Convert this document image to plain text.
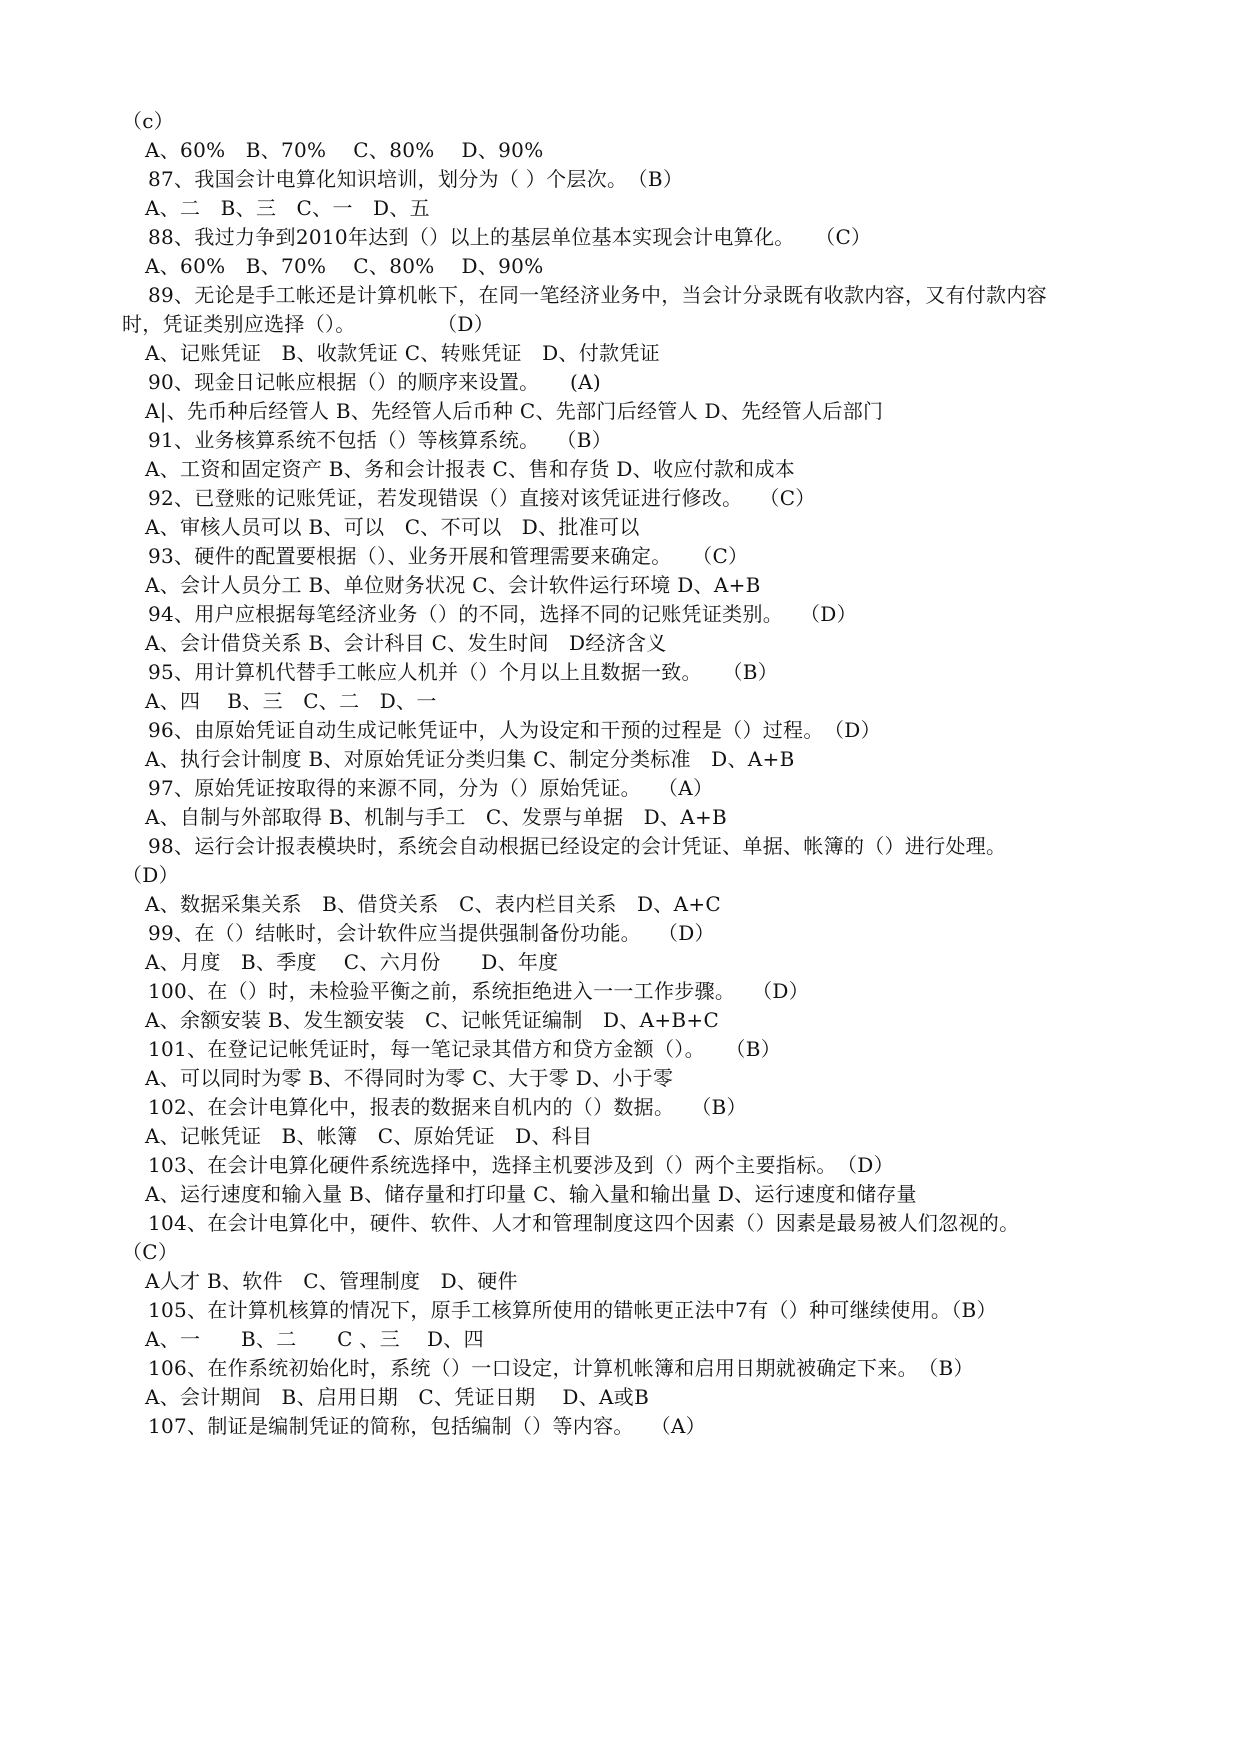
（c）
A、60%　B、70%　 C、80%　 D、90%
87、我国会计电算化知识培训，划分为（ ）个层次。　（B）
A、二　B、三　C、一　D、五
88、我过力争到2010年达到（）以上的基层单位基本实现会计电算化。　　（C）
A、60%　B、70%　 C、80%　 D、90%
89、无论是手工帐还是计算机帐下，在同一笔经济业务中，当会计分录既有收款内容，又有付款内容
时，凭证类别应选择（）。　　　　　（D）
A、记账凭证　B、收款凭证 C、转账凭证　D、付款凭证
90、现金日记帐应根据（）的顺序来设置。　　(A)
A|、先币种后经管人 B、先经管人后币种 C、先部门后经管人 D、先经管人后部门
91、业务核算系统不包括（）等核算系统。　 （B）
A、工资和固定资产 B、务和会计报表 C、售和存货 D、收应付款和成本
92、已登账的记账凭证，若发现错误（）直接对该凭证进行修改。　 （C）
A、审核人员可以 B、可以　C、不可以　D、批准可以
93、硬件的配置要根据（）、业务开展和管理需要来确定。　　（C）
A、会计人员分工 B、单位财务状况 C、会计软件运行环境 D、A+B
94、用户应根据每笔经济业务（）的不同，选择不同的记账凭证类别。　 （D）
A、会计借贷关系 B、会计科目 C、发生时间　D经济含义
95、用计算机代替手工帐应人机并（）个月以上且数据一致。　　（B）
A、四　 B、三　C、二　D、一
96、由原始凭证自动生成记帐凭证中，人为设定和干预的过程是（）过程。　（D）
A、执行会计制度 B、对原始凭证分类归集 C、制定分类标准　D、A+B
97、原始凭证按取得的来源不同，分为（）原始凭证。　 （A）
A、自制与外部取得 B、机制与手工　C、发票与单据　D、A+B
98、运行会计报表模块时，系统会自动根据已经设定的会计凭证、单据、帐簿的（）进行处理。
（D）
A、数据采集关系　B、借贷关系　C、表内栏目关系　D、A+C
99、在（）结帐时，会计软件应当提供强制备份功能。　 （D）
A、月度　B、季度　 C、六月份　　D、年度
100、在（）时，未检验平衡之前，系统拒绝进入一一工作步骤。　 （D）
A、余额安装 B、发生额安装　C、记帐凭证编制　D、A+B+C
101、在登记记帐凭证时，每一笔记录其借方和贷方金额（）。　　（B）
A、可以同时为零 B、不得同时为零 C、大于零 D、小于零
102、在会计电算化中，报表的数据来自机内的（）数据。　 （B）
A、记帐凭证　B、帐簿　C、原始凭证　D、科目
103、在会计电算化硬件系统选择中，选择主机要涉及到（）两个主要指标。　（D）
A、运行速度和输入量 B、储存量和打印量 C、输入量和输出量 D、运行速度和储存量
104、在会计电算化中，硬件、软件、人才和管理制度这四个因素（）因素是最易被人们忽视的。
（C）
A人才 B、软件　C、管理制度　D、硬件
105、在计算机核算的情况下，原手工核算所使用的错帐更正法中7有（）种可继续使用。（B）
A、一　　B、二　　C 、三　 D、四
106、在作系统初始化时，系统（）一口设定，计算机帐簿和启用日期就被确定下来。　（B）
A、会计期间　B、启用日期　C、凭证日期　 D、A或B
107、制证是编制凭证的简称，包括编制（）等内容。　 （A）
